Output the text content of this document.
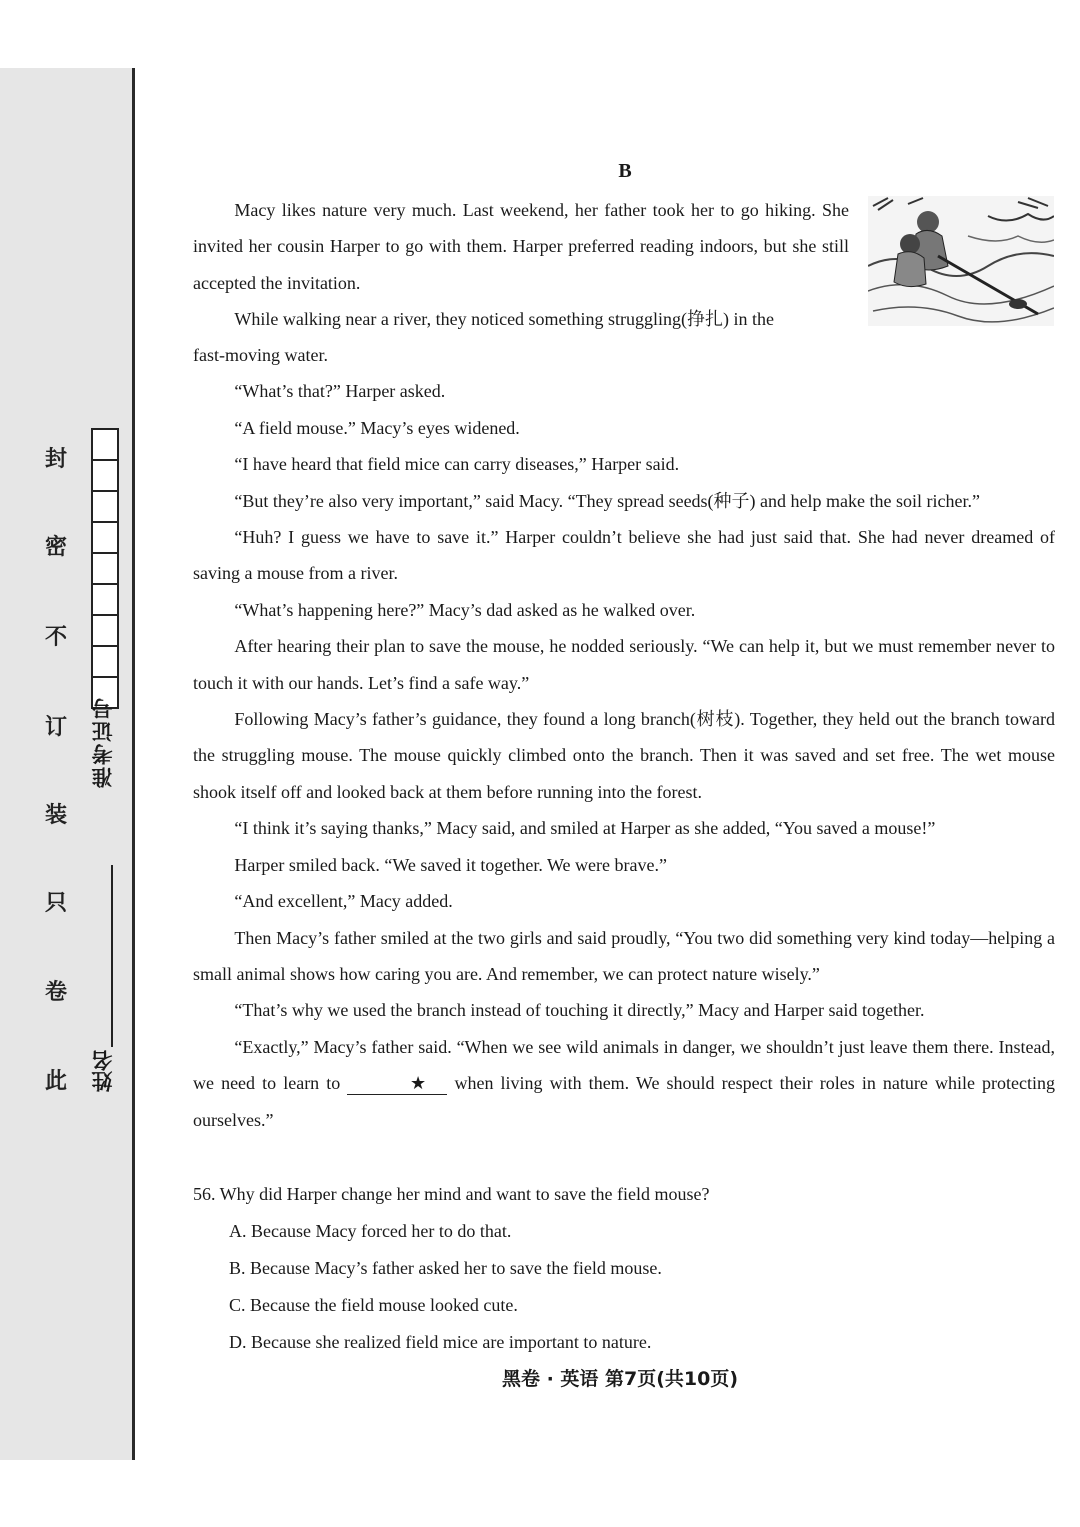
封
密
不
订
装
只
卷
此
准考证号
姓名
B

Macy likes nature very much. Last weekend, her father took her to go hiking. She invited her cousin Harper to go with them. Harper preferred reading indoors, but she still accepted the invitation.

While walking near a river, they noticed something struggling(挣扎) in the

fast-moving water.

“What’s that?” Harper asked.

“A field mouse.” Macy’s eyes widened.

“I have heard that field mice can carry diseases,” Harper said.

“But they’re also very important,” said Macy. “They spread seeds(种子) and help make the soil richer.”

“Huh? I guess we have to save it.” Harper couldn’t believe she had just said that. She had never dreamed of saving a mouse from a river.

“What’s happening here?” Macy’s dad asked as he walked over.

After hearing their plan to save the mouse, he nodded seriously. “We can help it, but we must remember never to touch it with our hands. Let’s find a safe way.”

Following Macy’s father’s guidance, they found a long branch(树枝). Together, they held out the branch toward the struggling mouse. The mouse quickly climbed onto the branch. Then it was saved and set free. The wet mouse shook itself off and looked back at them before running into the forest.

“I think it’s saying thanks,” Macy said, and smiled at Harper as she added, “You saved a mouse!”

Harper smiled back. “We saved it together. We were brave.”

“And excellent,” Macy added.

Then Macy’s father smiled at the two girls and said proudly, “You two did something very kind today—helping a small animal shows how caring you are. And remember, we can protect nature wisely.”

“That’s why we used the branch instead of touching it directly,” Macy and Harper said together.

“Exactly,” Macy’s father said. “When we see wild animals in danger, we shouldn’t just leave them there. Instead, we need to learn to	★ when living with them. We should respect their roles in nature while protecting ourselves.”

56. Why did Harper change her mind and want to save the field mouse?

A. Because Macy forced her to do that.

B. Because Macy’s father asked her to save the field mouse.

C. Because the field mouse looked cute.

D. Because she realized field mice are important to nature.

黑卷 · 英语 第7页(共10页)
